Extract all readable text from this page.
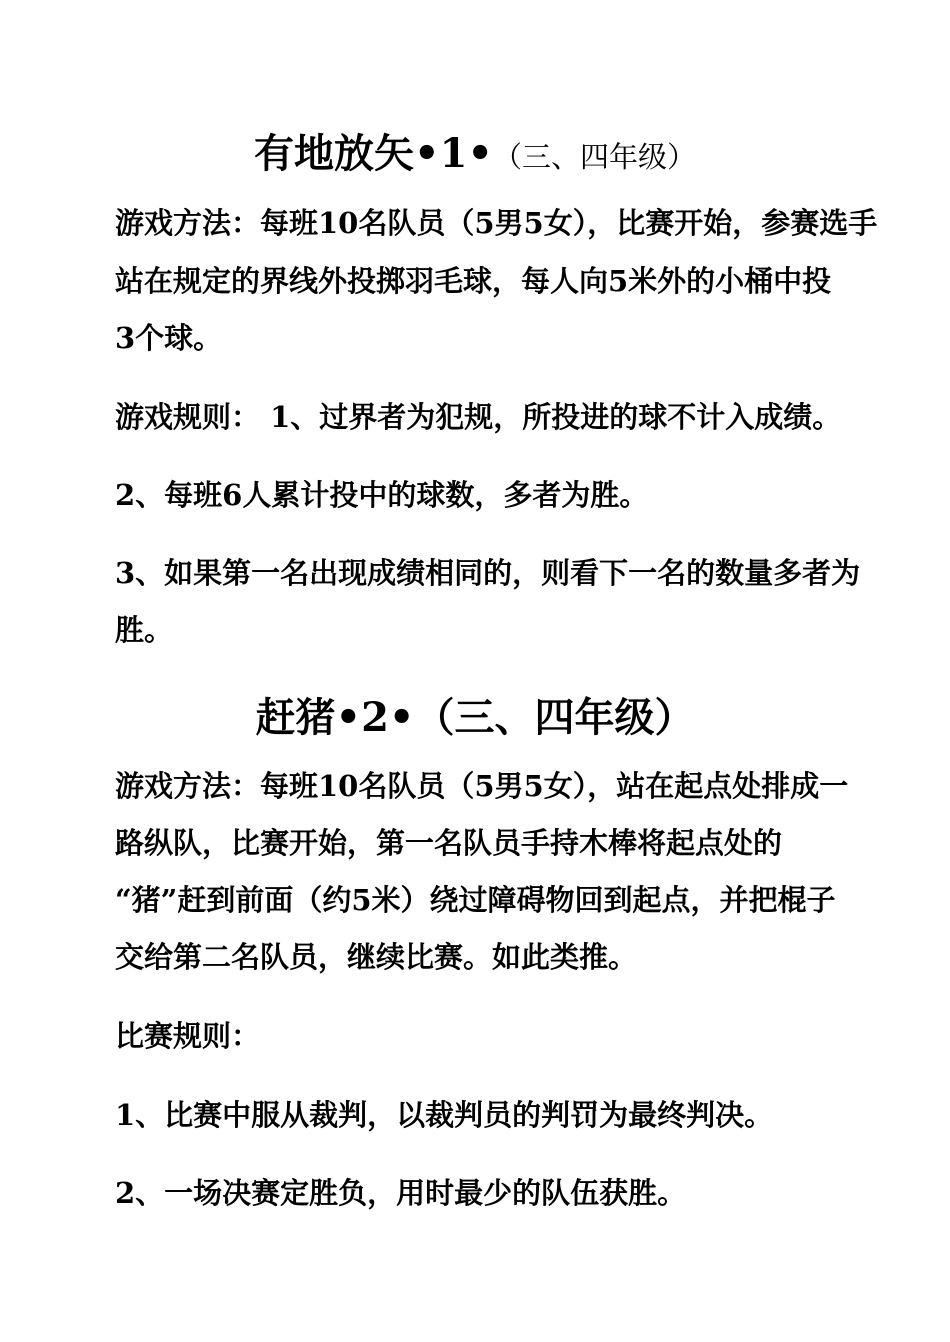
有地放矢•1•（三、四年级）
游戏方法：每班10名队员（5男5女），比赛开始，参赛选手
站在规定的界线外投掷羽毛球，每人向5米外的小桶中投
3个球。
游戏规则： 1、过界者为犯规，所投进的球不计入成绩。
2、每班6人累计投中的球数，多者为胜。
3、如果第一名出现成绩相同的，则看下一名的数量多者为
胜。
赶猪•2•（三、四年级）
游戏方法：每班10名队员（5男5女），站在起点处排成一
路纵队，比赛开始，第一名队员手持木棒将起点处的
“猪”赶到前面（约5米）绕过障碍物回到起点，并把棍子
交给第二名队员，继续比赛。如此类推。
比赛规则：
1、比赛中服从裁判，以裁判员的判罚为最终判决。
2、一场决赛定胜负，用时最少的队伍获胜。
